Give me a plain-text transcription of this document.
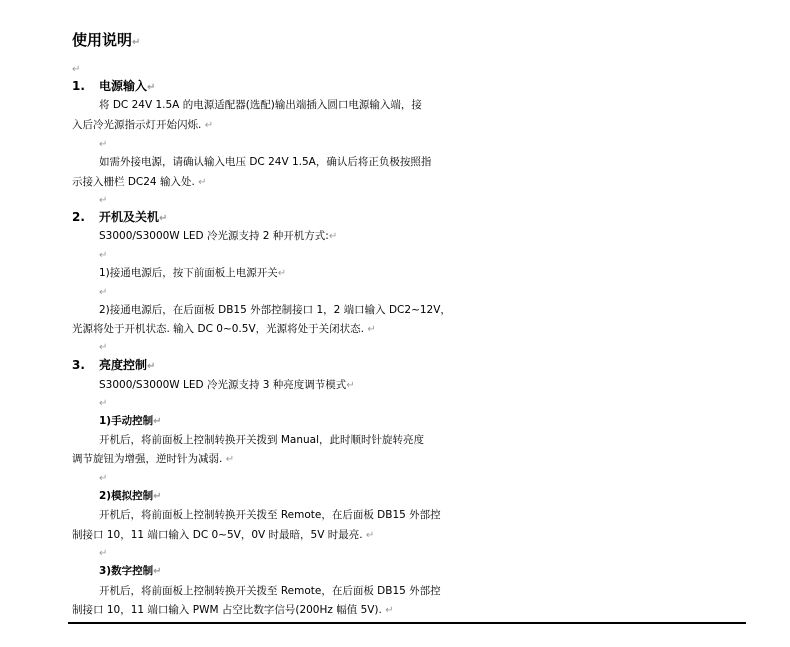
使用说明↵
↵
1. 电源输入↵
将 DC 24V 1.5A 的电源适配器(选配)输出端插入圆口电源输入端，接
入后冷光源指示灯开始闪烁. ↵
↵
如需外接电源，请确认输入电压 DC 24V 1.5A，确认后将正负极按照指
示接入栅栏 DC24 输入处. ↵
↵
2. 开机及关机↵
S3000/S3000W LED 冷光源支持 2 种开机方式:↵
↵
1)接通电源后，按下前面板上电源开关↵
↵
2)接通电源后，在后面板 DB15 外部控制接口 1，2 端口输入 DC2~12V，
光源将处于开机状态. 输入 DC 0~0.5V，光源将处于关闭状态. ↵
↵
3. 亮度控制↵
S3000/S3000W LED 冷光源支持 3 种亮度调节模式↵
↵
1)手动控制↵
开机后，将前面板上控制转换开关拨到 Manual，此时顺时针旋转亮度
调节旋钮为增强，逆时针为减弱. ↵
↵
2)模拟控制↵
开机后，将前面板上控制转换开关拨至 Remote，在后面板 DB15 外部控
制接口 10，11 端口输入 DC 0~5V，0V 时最暗，5V 时最亮. ↵
↵
3)数字控制↵
开机后，将前面板上控制转换开关拨至 Remote，在后面板 DB15 外部控
制接口 10，11 端口输入 PWM 占空比数字信号(200Hz 幅值 5V). ↵
